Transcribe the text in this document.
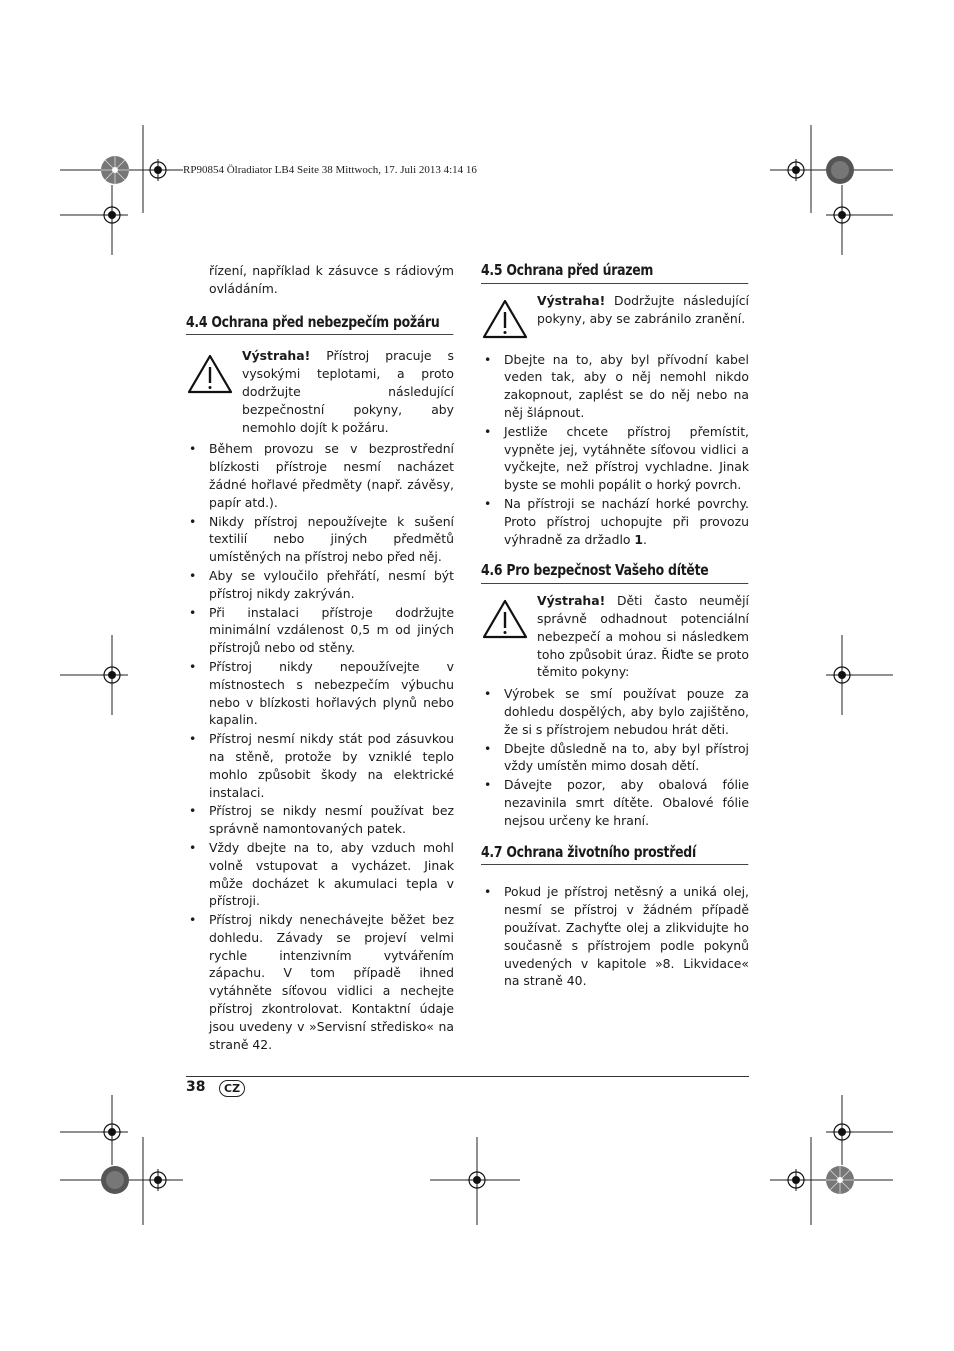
RP90854 Ölradiator LB4 Seite 38 Mittwoch, 17. Juli 2013 4:14 16

řízení, například k zásuvce s rádiovým ovládáním.

4.4 Ochrana před nebezpečím požáru
Výstraha! Přístroj pracuje s vysokými teplotami, a proto dodržujte následující bezpečnostní pokyny, aby nemohlo dojít k požáru.
• Během provozu se v bezprostřední blízkosti přístroje nesmí nacházet žádné hořlavé předměty (např. závěsy, papír atd.).
• Nikdy přístroj nepoužívejte k sušení textilií nebo jiných předmětů umístěných na přístroj nebo před něj.
• Aby se vyloučilo přehřátí, nesmí být přístroj nikdy zakrýván.
• Při instalaci přístroje dodržujte minimální vzdálenost 0,5 m od jiných přístrojů nebo od stěny.
• Přístroj nikdy nepoužívejte v místnostech s nebezpečím výbuchu nebo v blízkosti hořlavých plynů nebo kapalin.
• Přístroj nesmí nikdy stát pod zásuvkou na stěně, protože by vzniklé teplo mohlo způsobit škody na elektrické instalaci.
• Přístroj se nikdy nesmí používat bez správně namontovaných patek.
• Vždy dbejte na to, aby vzduch mohl volně vstupovat a vycházet. Jinak může docházet k akumulaci tepla v přístroji.
• Přístroj nikdy nenechávejte běžet bez dohledu. Závady se projeví velmi rychle intenzivním vytvářením zápachu. V tom případě ihned vytáhněte síťovou vidlici a nechejte přístroj zkontrolovat. Kontaktní údaje jsou uvedeny v »Servisní středisko« na straně 42.
4.5 Ochrana před úrazem
Výstraha! Dodržujte následující pokyny, aby se zabránilo zranění.
• Dbejte na to, aby byl přívodní kabel veden tak, aby o něj nemohl nikdo zakopnout, zaplést se do něj nebo na něj šlápnout.
• Jestliže chcete přístroj přemístit, vypněte jej, vytáhněte síťovou vidlici a vyčkejte, než přístroj vychladne. Jinak byste se mohli popálit o horký povrch.
• Na přístroji se nachází horké povrchy. Proto přístroj uchopujte při provozu výhradně za držadlo 1.
4.6 Pro bezpečnost Vašeho dítěte
Výstraha! Děti často neumějí správně odhadnout potenciální nebezpečí a mohou si následkem toho způsobit úraz. Řiďte se proto těmito pokyny:
• Výrobek se smí používat pouze za dohledu dospělých, aby bylo zajištěno, že si s přístrojem nebudou hrát děti.
• Dbejte důsledně na to, aby byl přístroj vždy umístěn mimo dosah dětí.
• Dávejte pozor, aby obalová fólie nezavinila smrt dítěte. Obalové fólie nejsou určeny ke hraní.
4.7 Ochrana životního prostředí
• Pokud je přístroj netěsný a uniká olej, nesmí se přístroj v žádném případě používat. Zachyťte olej a zlikvidujte ho současně s přístrojem podle pokynů uvedených v kapitole »8. Likvidace« na straně 40.
38	CZ
